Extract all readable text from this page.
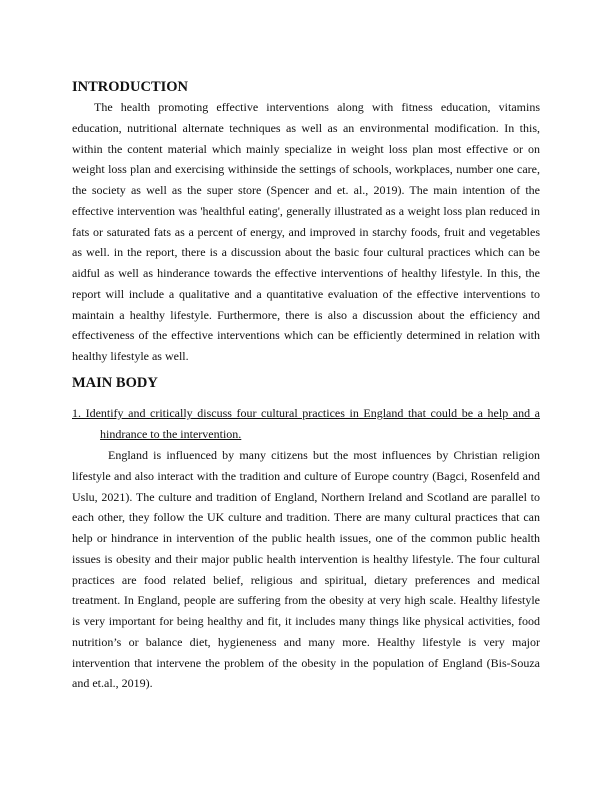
INTRODUCTION
The health promoting effective interventions along with fitness education, vitamins
education, nutritional alternate techniques as well as an environmental modification. In this,
within the content material which mainly specialize in weight loss plan most effective or on
weight loss plan and exercising withinside the settings of schools, workplaces, number one care,
the society as well as the super store (Spencer and et. al., 2019). The main intention of the
effective intervention was 'healthful eating', generally illustrated as a weight loss plan reduced in
fats or saturated fats as a percent of energy, and improved in starchy foods, fruit and vegetables
as well. in the report, there is a discussion about the basic four cultural practices which can be
aidful as well as hinderance towards the effective interventions of healthy lifestyle. In this, the
report will include a qualitative and a quantitative evaluation of the effective interventions to
maintain a healthy lifestyle. Furthermore, there is also a discussion about the efficiency and
effectiveness of the effective interventions which can be efficiently determined in relation with
healthy lifestyle as well.
MAIN BODY
1. Identify and critically discuss four cultural practices in England that could be a help and a
hindrance to the intervention.
England is influenced by many citizens but the most influences by Christian religion
lifestyle and also interact with the tradition and culture of Europe country (Bagci, Rosenfeld and
Uslu, 2021). The culture and tradition of England, Northern Ireland and Scotland are parallel to
each other, they follow the UK culture and tradition. There are many cultural practices that can
help or hindrance in intervention of the public health issues, one of the common public health
issues is obesity and their major public health intervention is healthy lifestyle. The four cultural
practices are food related belief, religious and spiritual, dietary preferences and medical
treatment. In England, people are suffering from the obesity at very high scale. Healthy lifestyle
is very important for being healthy and fit, it includes many things like physical activities, food
nutrition’s or balance diet, hygieneness and many more. Healthy lifestyle is very major
intervention that intervene the problem of the obesity in the population of England (Bis-Souza
and et.al., 2019).
